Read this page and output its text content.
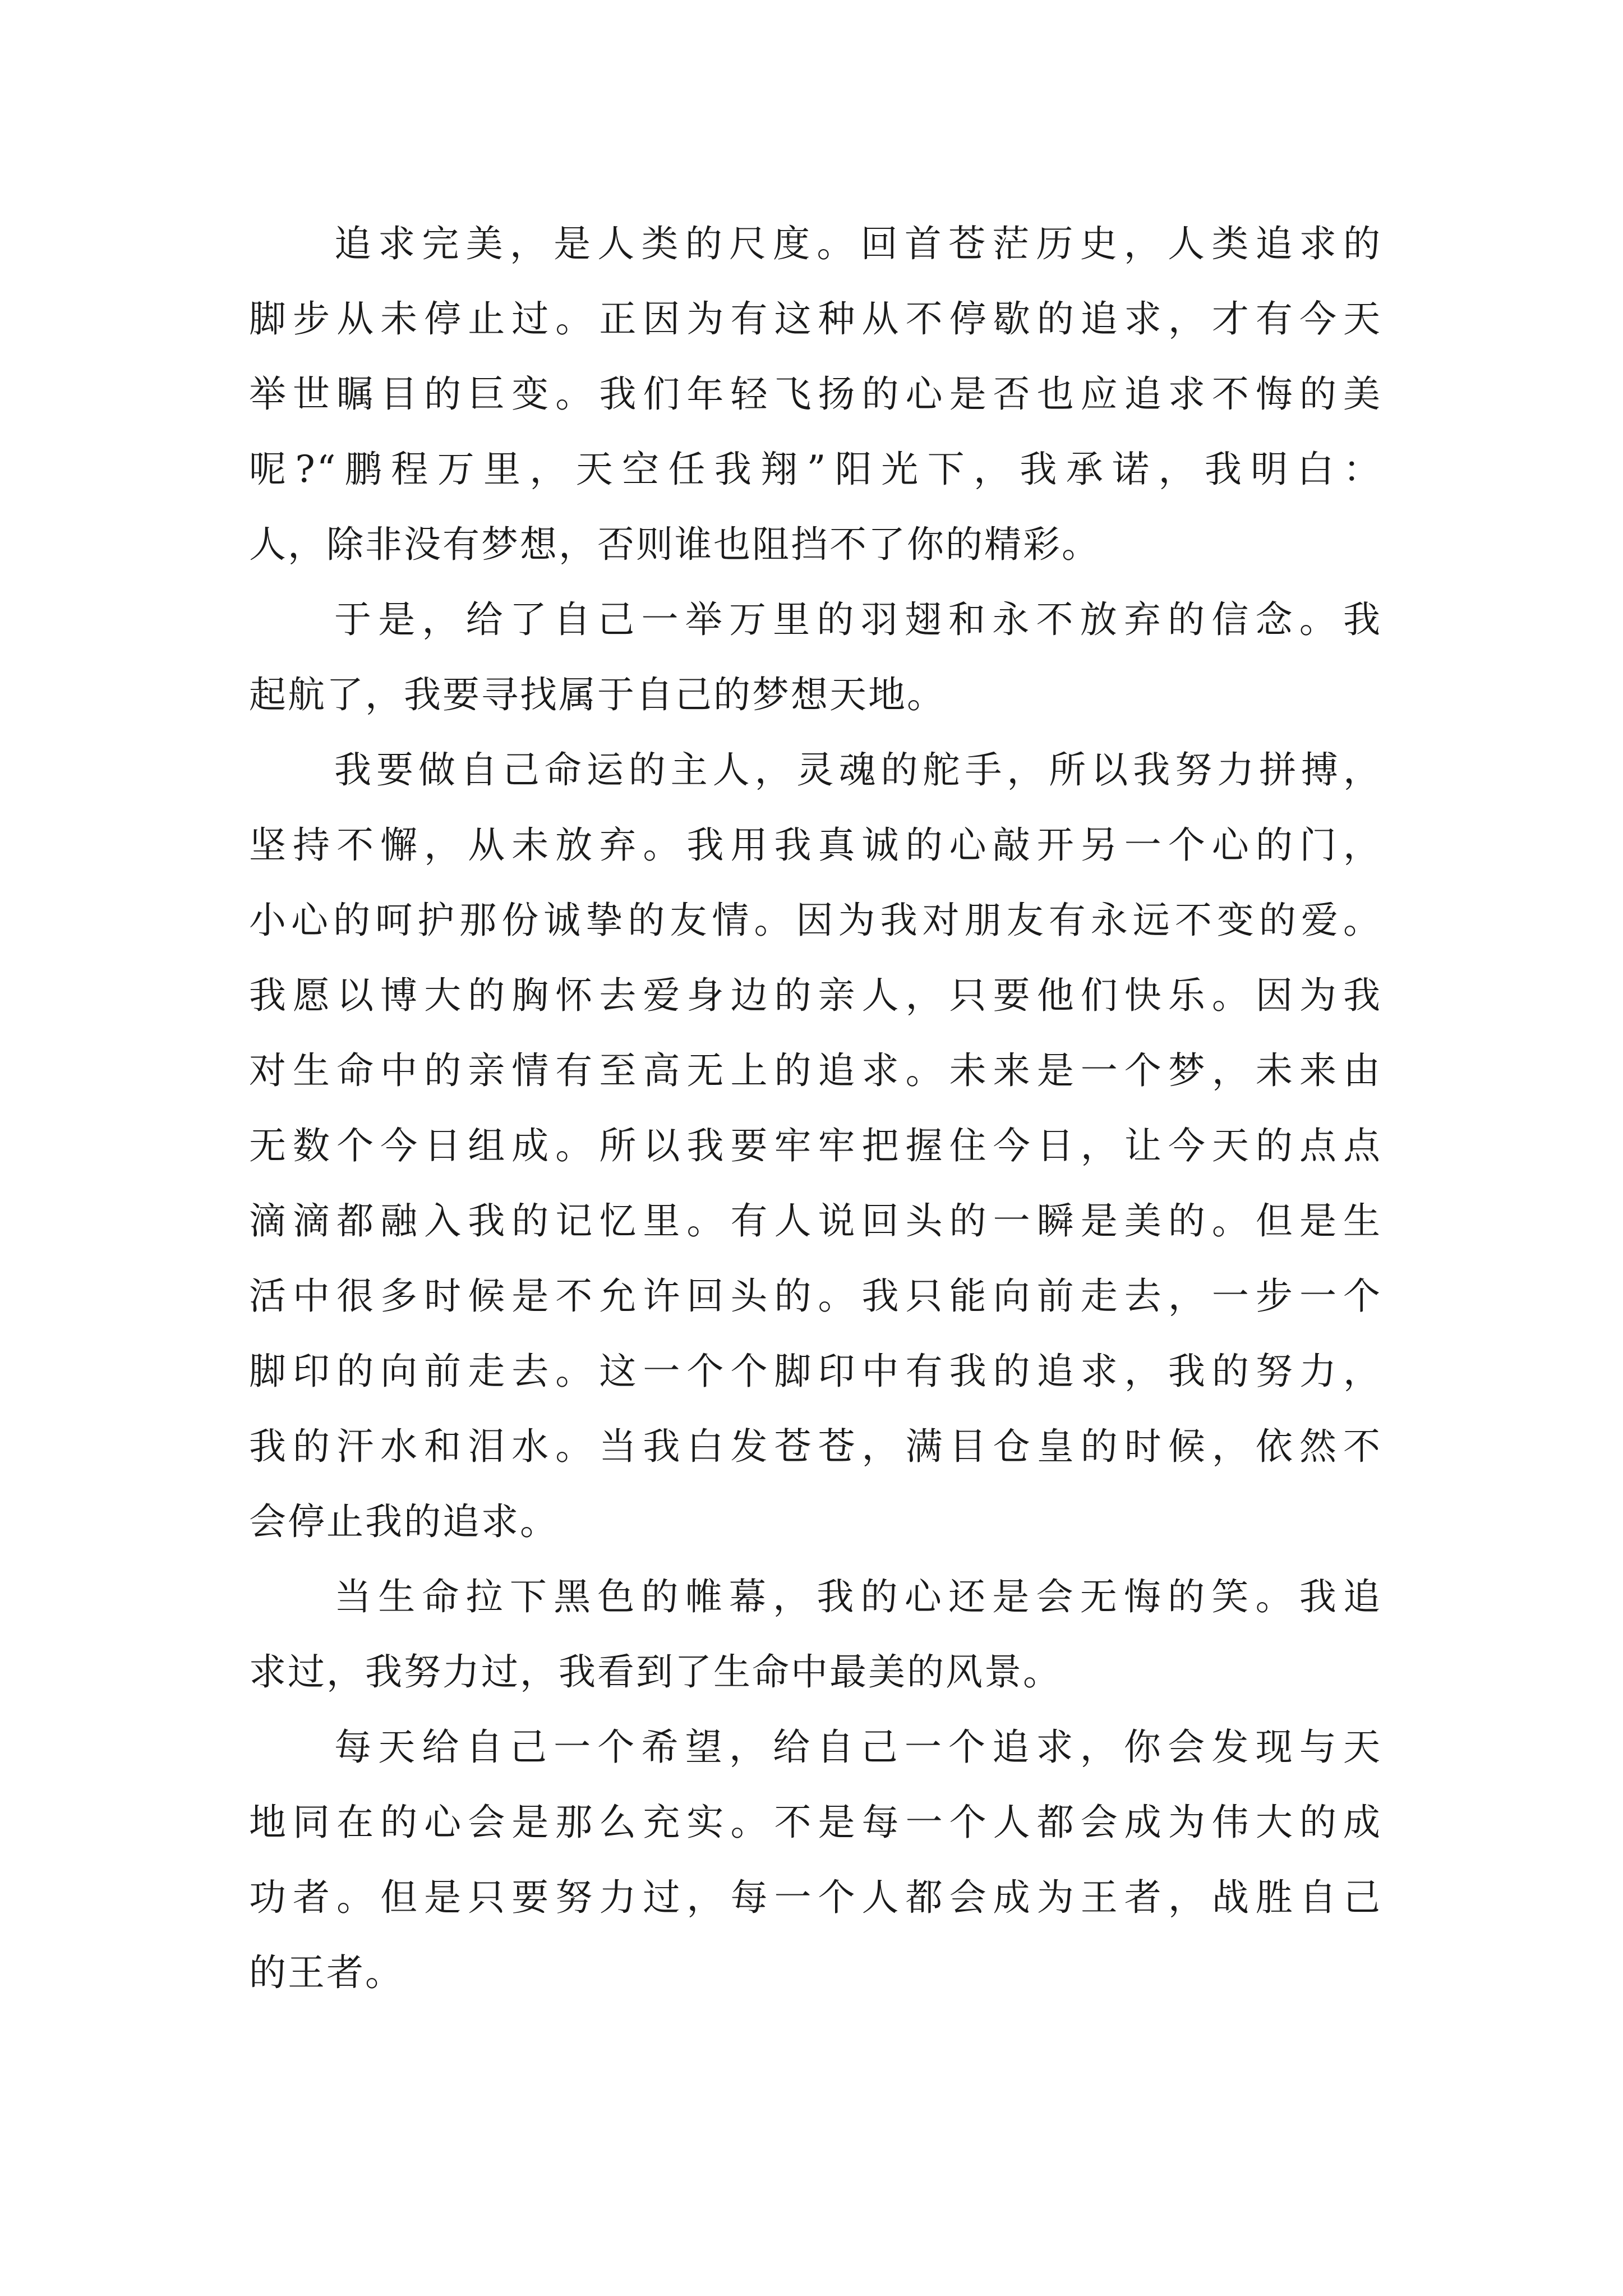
追求完美，是人类的尺度。回首苍茫历史，人类追求的
脚步从未停止过。正因为有这种从不停歇的追求，才有今天
举世瞩目的巨变。我们年轻飞扬的心是否也应追求不悔的美
呢?“鹏程万里，天空任我翔”阳光下，我承诺，我明白：
人，除非没有梦想，否则谁也阻挡不了你的精彩。
于是，给了自己一举万里的羽翅和永不放弃的信念。我
起航了，我要寻找属于自己的梦想天地。
我要做自己命运的主人，灵魂的舵手，所以我努力拼搏，
坚持不懈，从未放弃。我用我真诚的心敲开另一个心的门，
小心的呵护那份诚挚的友情。因为我对朋友有永远不变的爱。
我愿以博大的胸怀去爱身边的亲人，只要他们快乐。因为我
对生命中的亲情有至高无上的追求。未来是一个梦，未来由
无数个今日组成。所以我要牢牢把握住今日，让今天的点点
滴滴都融入我的记忆里。有人说回头的一瞬是美的。但是生
活中很多时候是不允许回头的。我只能向前走去，一步一个
脚印的向前走去。这一个个脚印中有我的追求，我的努力，
我的汗水和泪水。当我白发苍苍，满目仓皇的时候，依然不
会停止我的追求。
当生命拉下黑色的帷幕，我的心还是会无悔的笑。我追
求过，我努力过，我看到了生命中最美的风景。
每天给自己一个希望，给自己一个追求，你会发现与天
地同在的心会是那么充实。不是每一个人都会成为伟大的成
功者。但是只要努力过，每一个人都会成为王者，战胜自己
的王者。
